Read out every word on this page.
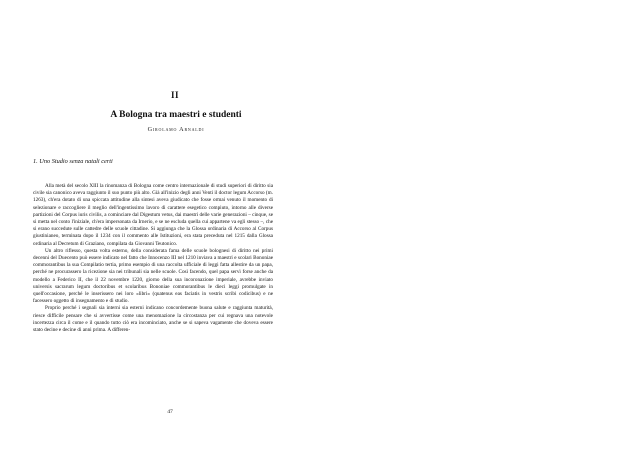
II
A Bologna tra maestri e studenti
Girolamo Arnaldi
1. Uno Studio senza natali certi

Alla metà del secolo XIII la rinomanza di Bologna come centro internazionale di studi superiori di diritto sia civile sia canonico aveva raggiunto il suo punto più alto. Già all'inizio degli anni Venti il doctor legum Accorso (m. 1263), ch'era dotato di una spiccata attitudine alla sintesi aveva giudicato che fosse ormai venuto il momento di selezionare e raccogliere il meglio dell'ingentissimo lavoro di carattere esegetico compiuto, intorno alle diverse partizioni del Corpus iuris civilis, a cominciare dal Digestum vetus, dai maestri delle varie generazioni – cinque, se si metta nel conto l'iniziale, ch'era impersonata da Irnerio, e se ne escluda quella cui appartene va egli stesso –, che si erano succedute sulle cattedre delle scuole cittadine. Si aggiunga che la Glossa ordinaria di Accorso al Corpus giustinianeo, terminata dopo il 1234 con il commento alle Istituzioni, era stata preceduta nel 1215 dalla Glossa ordinaria al Decretum di Graziano, compilata da Giovanni Teutonico.

Un altro riflesso, questa volta esterno, della considerata fama delle scuole bolognesi di diritto nei primi decenni del Duecento può essere indicato nel fatto che Innocenzo III nel 1210 inviava a maestri e scolari Bononiae commorantibus la sua Compilatio tertia, primo esempio di una raccolta ufficiale di leggi fatta allestire da un papa, perché ne procurassero la ricezione sia nei tribunali sia nelle scuole. Così facendo, quel papa servì forse anche da modello a Federico II, che il 22 novembre 1220, giorno della sua incoronazione imperiale, avrebbe inviato universis sacrarum legum doctoribus et scolaribus Bononiae commorantibus le dieci leggi promulgate in quell'occasione, perché le inserissero nei loro «libri» (quatenus eas faciatis in vestris scribi codicibus) e ne facessero oggetto di insegnamento e di studio.

Proprio perché i segnali sia interni sia esterni indicano concordemente buona salute e raggiunta maturità, riesce difficile pensare che si avvertisse come una menomazione la circostanza per cui regnava una notevole incertezza circa il come e il quando tutto ciò era incominciato, anche se si sapeva vagamente che doveva essere stato decine e decine di anni prima. A differen-

47
